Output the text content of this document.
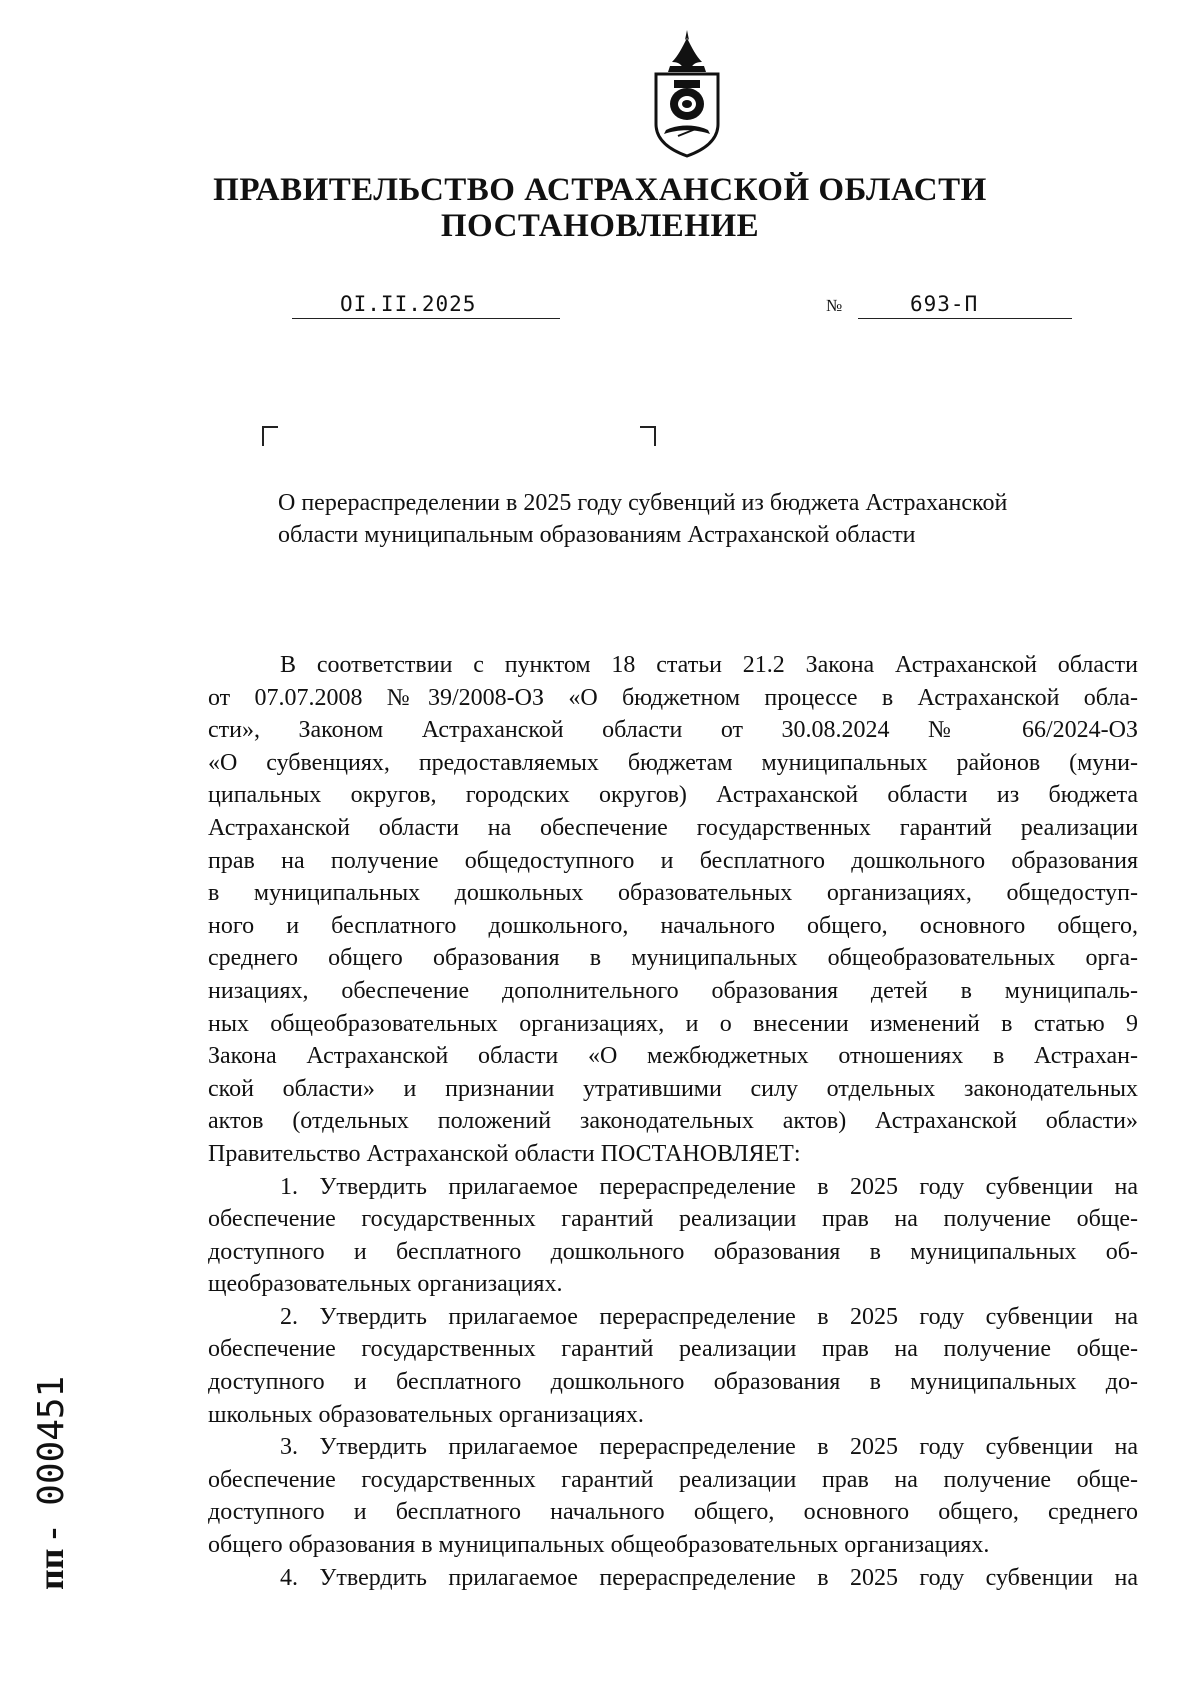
ПРАВИТЕЛЬСТВО АСТРАХАНСКОЙ ОБЛАСТИ
ПОСТАНОВЛЕНИЕ
OI.II.2025	№	693-П
О перераспределении в 2025 году субвенций из бюджета Астраханской
области муниципальным образованиям Астраханской области
В соответствии с пунктом 18 статьи 21.2 Закона Астраханской области
от 07.07.2008 №39/2008-ОЗ «О бюджетном процессе в Астраханской обла-
сти», Законом Астраханской области от 30.08.2024 № 66/2024-ОЗ
«О субвенциях, предоставляемых бюджетам муниципальных районов (муни-
ципальных округов, городских округов) Астраханской области из бюджета
Астраханской области на обеспечение государственных гарантий реализации
прав на получение общедоступного и бесплатного дошкольного образования
в муниципальных дошкольных образовательных организациях, общедоступ-
ного и бесплатного дошкольного, начального общего, основного общего,
среднего общего образования в муниципальных общеобразовательных орга-
низациях, обеспечение дополнительного образования детей в муниципаль-
ных общеобразовательных организациях, и о внесении изменений в статью 9
Закона Астраханской области «О межбюджетных отношениях в Астрахан-
ской области» и признании утратившими силу отдельных законодательных
актов (отдельных положений законодательных актов) Астраханской области»
Правительство Астраханской области ПОСТАНОВЛЯЕТ:
1. Утвердить прилагаемое перераспределение в 2025 году субвенции на
обеспечение государственных гарантий реализации прав на получение обще-
доступного и бесплатного дошкольного образования в муниципальных об-
щеобразовательных организациях.
2. Утвердить прилагаемое перераспределение в 2025 году субвенции на
обеспечение государственных гарантий реализации прав на получение обще-
доступного и бесплатного дошкольного образования в муниципальных до-
школьных образовательных организациях.
3. Утвердить прилагаемое перераспределение в 2025 году субвенции на
обеспечение государственных гарантий реализации прав на получение обще-
доступного и бесплатного начального общего, основного общего, среднего
общего образования в муниципальных общеобразовательных организациях.
4. Утвердить прилагаемое перераспределение в 2025 году субвенции на
пп - 000451
